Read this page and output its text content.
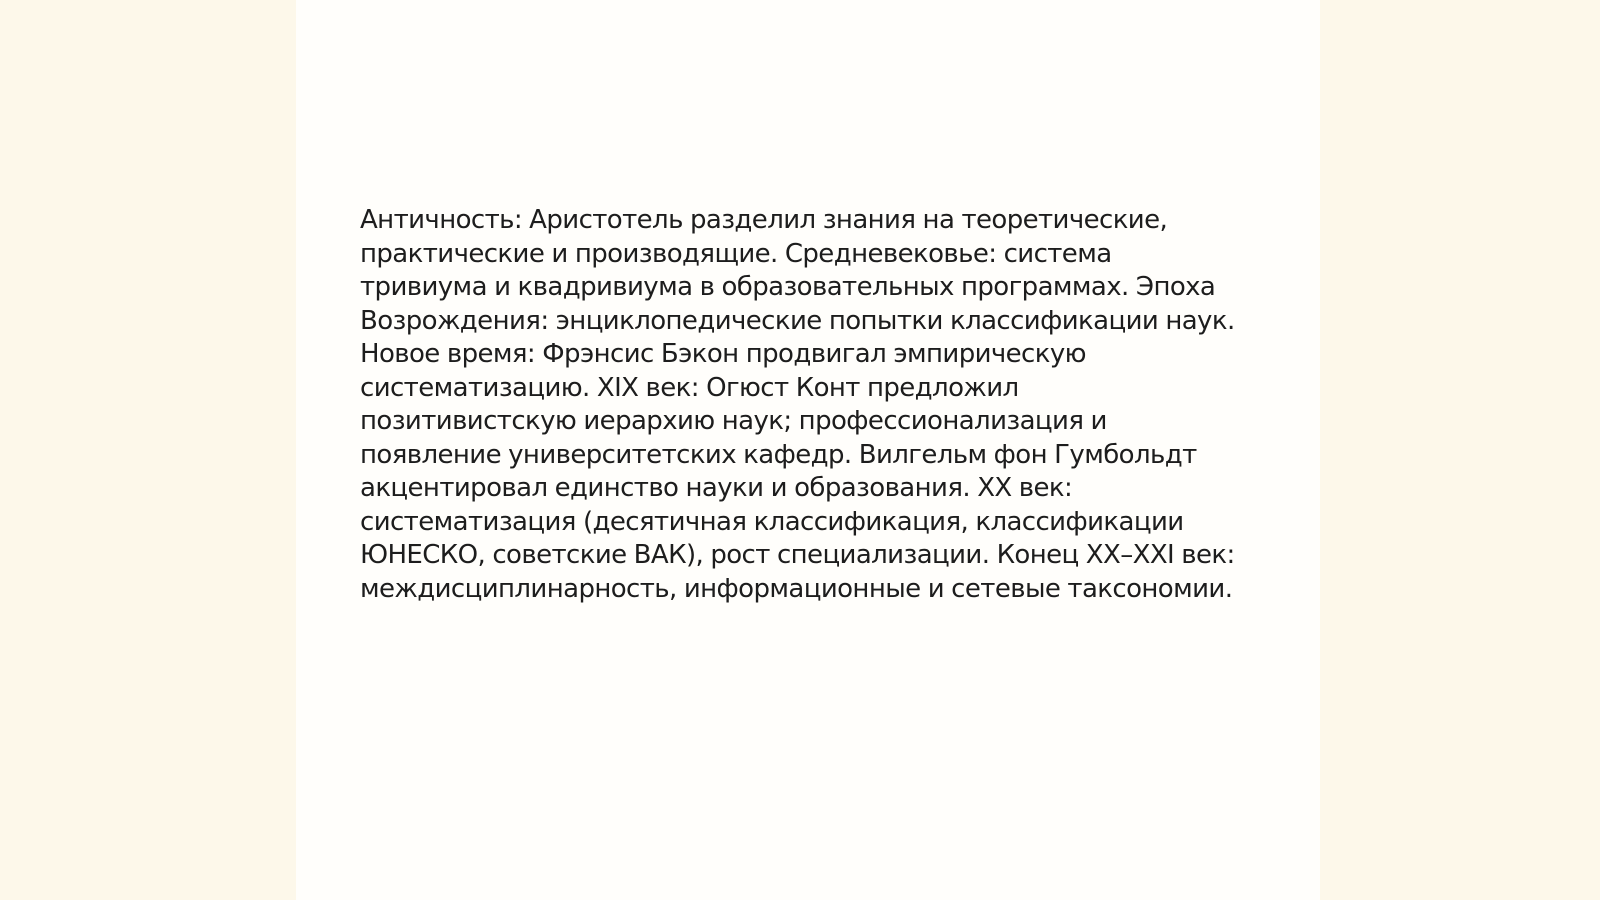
Античность: Аристотель разделил знания на теоретические, практические и производящие. Средневековье: система тривиума и квадривиума в образовательных программах. Эпоха Возрождения: энциклопедические попытки классификации наук. Новое время: Фрэнсис Бэкон продвигал эмпирическую систематизацию. XIX век: Огюст Конт предложил позитивистскую иерархию наук; профессионализация и появление университетских кафедр. Вилгельм фон Гумбольдт акцентировал единство науки и образования. XX век: систематизация (десятичная классификация, классификации ЮНЕСКО, советские ВАК), рост специализации. Конец XX–XXI век: междисциплинарность, информационные и сетевые таксономии.
